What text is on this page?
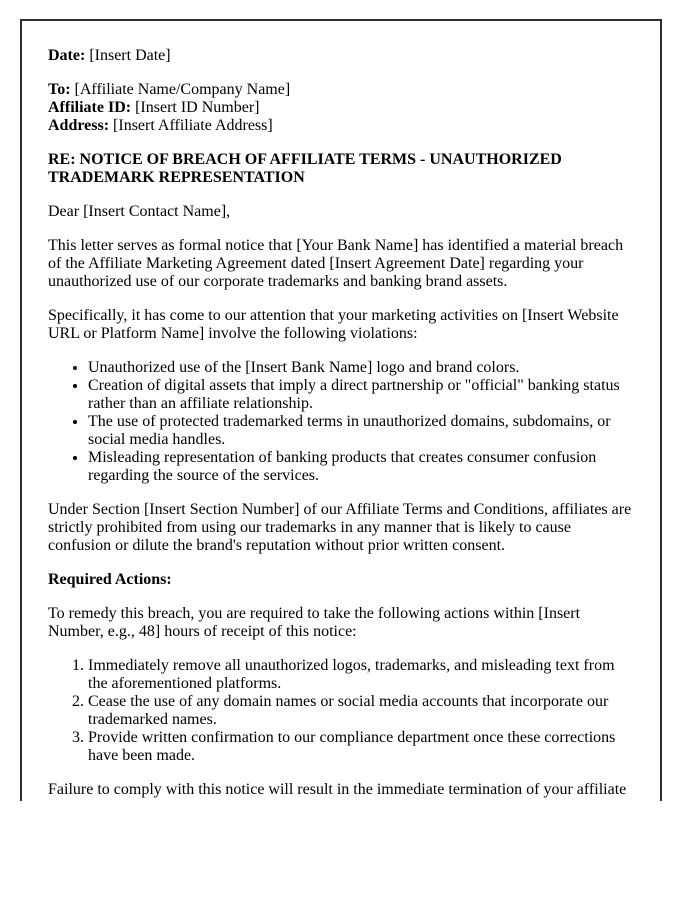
Date: [Insert Date]

To: [Affiliate Name/Company Name]
Affiliate ID: [Insert ID Number]
Address: [Insert Affiliate Address]

RE: NOTICE OF BREACH OF AFFILIATE TERMS - UNAUTHORIZED TRADEMARK REPRESENTATION

Dear [Insert Contact Name],

This letter serves as formal notice that [Your Bank Name] has identified a material breach of the Affiliate Marketing Agreement dated [Insert Agreement Date] regarding your unauthorized use of our corporate trademarks and banking brand assets.

Specifically, it has come to our attention that your marketing activities on [Insert Website URL or Platform Name] involve the following violations:

• Unauthorized use of the [Insert Bank Name] logo and brand colors.
• Creation of digital assets that imply a direct partnership or "official" banking status rather than an affiliate relationship.
• The use of protected trademarked terms in unauthorized domains, subdomains, or social media handles.
• Misleading representation of banking products that creates consumer confusion regarding the source of the services.

Under Section [Insert Section Number] of our Affiliate Terms and Conditions, affiliates are strictly prohibited from using our trademarks in any manner that is likely to cause confusion or dilute the brand's reputation without prior written consent.

Required Actions:

To remedy this breach, you are required to take the following actions within [Insert Number, e.g., 48] hours of receipt of this notice:

1. Immediately remove all unauthorized logos, trademarks, and misleading text from the aforementioned platforms.
2. Cease the use of any domain names or social media accounts that incorporate our trademarked names.
3. Provide written confirmation to our compliance department once these corrections have been made.

Failure to comply with this notice will result in the immediate termination of your affiliate
